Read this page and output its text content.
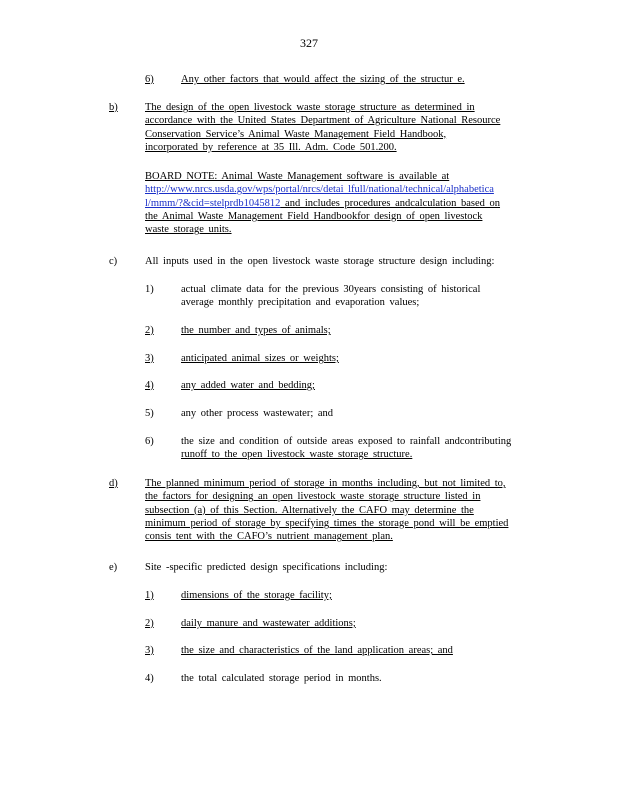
327
6)	Any other factors that would affect the sizing of the structur e.
b)	The design of the open livestock waste storage structure as determined in
accordance with the United States Department of Agriculture National Resource
Conservation Service’s Animal Waste Management Field Handbook,
incorporated by reference at 35 Ill. Adm. Code 501.200.
BOARD NOTE: Animal Waste Management software is available at
http://www.nrcs.usda.gov/wps/portal/nrcs/detai lfull/national/technical/alphabetica
l/mmm/?&cid=stelprdb1045812 and includes procedures andcalculation based on
the Animal Waste Management Field Handbookfor design of open livestock
waste storage units.
c)	All inputs used in the open livestock waste storage structure design including:
1)	actual climate data for the previous 30years consisting of historical
average monthly precipitation and evaporation values;
2)	the number and types of animals;
3)	anticipated animal sizes or weights;
4)	any added water and bedding;
5)	any other process wastewater; and
6)	the size and condition of outside areas exposed to rainfall andcontributing
runoff to the open livestock waste storage structure.
d)	The planned minimum period of storage in months including, but not limited to,
the factors for designing an open livestock waste storage structure listed in
subsection (a) of this Section. Alternatively the CAFO may determine the
minimum period of storage by specifying times the storage pond will be emptied
consis tent with the CAFO’s nutrient management plan.
e)	Site -specific predicted design specifications including:
1)	dimensions of the storage facility;
2)	daily manure and wastewater additions;
3)	the size and characteristics of the land application areas; and
4)	the total calculated storage period in months.
